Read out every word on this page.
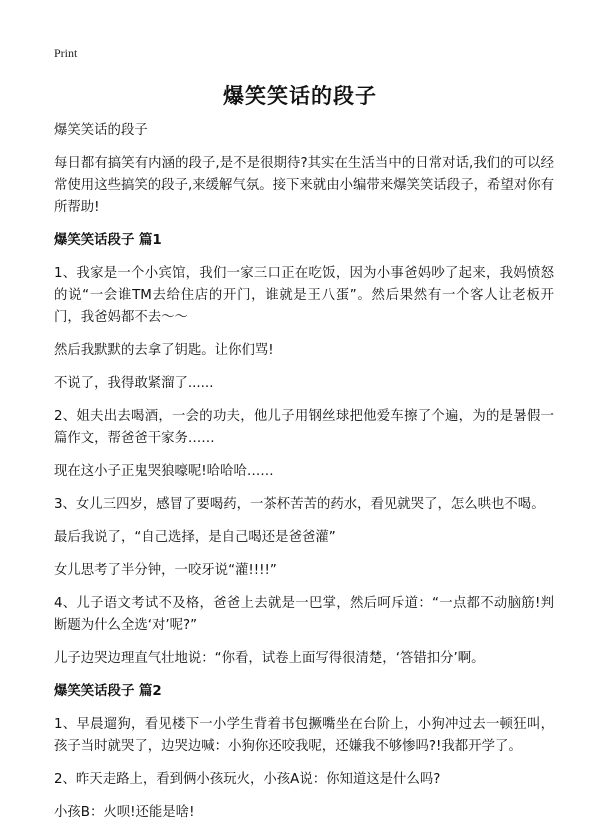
Print
爆笑笑话的段子

爆笑笑话的段子

每日都有搞笑有内涵的段子,是不是很期待?其实在生活当中的日常对话,我们的可以经常使用这些搞笑的段子,来缓解气氛。接下来就由小编带来爆笑笑话段子，希望对你有所帮助!

爆笑笑话段子 篇1

1、我家是一个小宾馆，我们一家三口正在吃饭，因为小事爸妈吵了起来，我妈愤怒的说“一会谁TM去给住店的开门，谁就是王八蛋”。然后果然有一个客人让老板开门，我爸妈都不去～～

然后我默默的去拿了钥匙。让你们骂!

不说了，我得敢紧溜了......

2、姐夫出去喝酒，一会的功夫，他儿子用钢丝球把他爱车擦了个遍，为的是暑假一篇作文，帮爸爸干家务……

现在这小子正鬼哭狼嚎呢!哈哈哈……

3、女儿三四岁，感冒了要喝药，一茶杯苦苦的药水，看见就哭了，怎么哄也不喝。

最后我说了，“自己选择，是自己喝还是爸爸灌”

女儿思考了半分钟，一咬牙说“灌!!!!”

4、儿子语文考试不及格，爸爸上去就是一巴掌，然后呵斥道：“一点都不动脑筋!判断题为什么全选‘对’呢?”

儿子边哭边理直气壮地说：“你看，试卷上面写得很清楚，‘答错扣分’啊。

爆笑笑话段子 篇2

1、早晨遛狗，看见楼下一小学生背着书包撅嘴坐在台阶上，小狗冲过去一顿狂叫，孩子当时就哭了，边哭边喊：小狗你还咬我呢，还嫌我不够惨吗?!我都开学了。

2、昨天走路上，看到俩小孩玩火，小孩A说：你知道这是什么吗?

小孩B：火呗!还能是啥!
